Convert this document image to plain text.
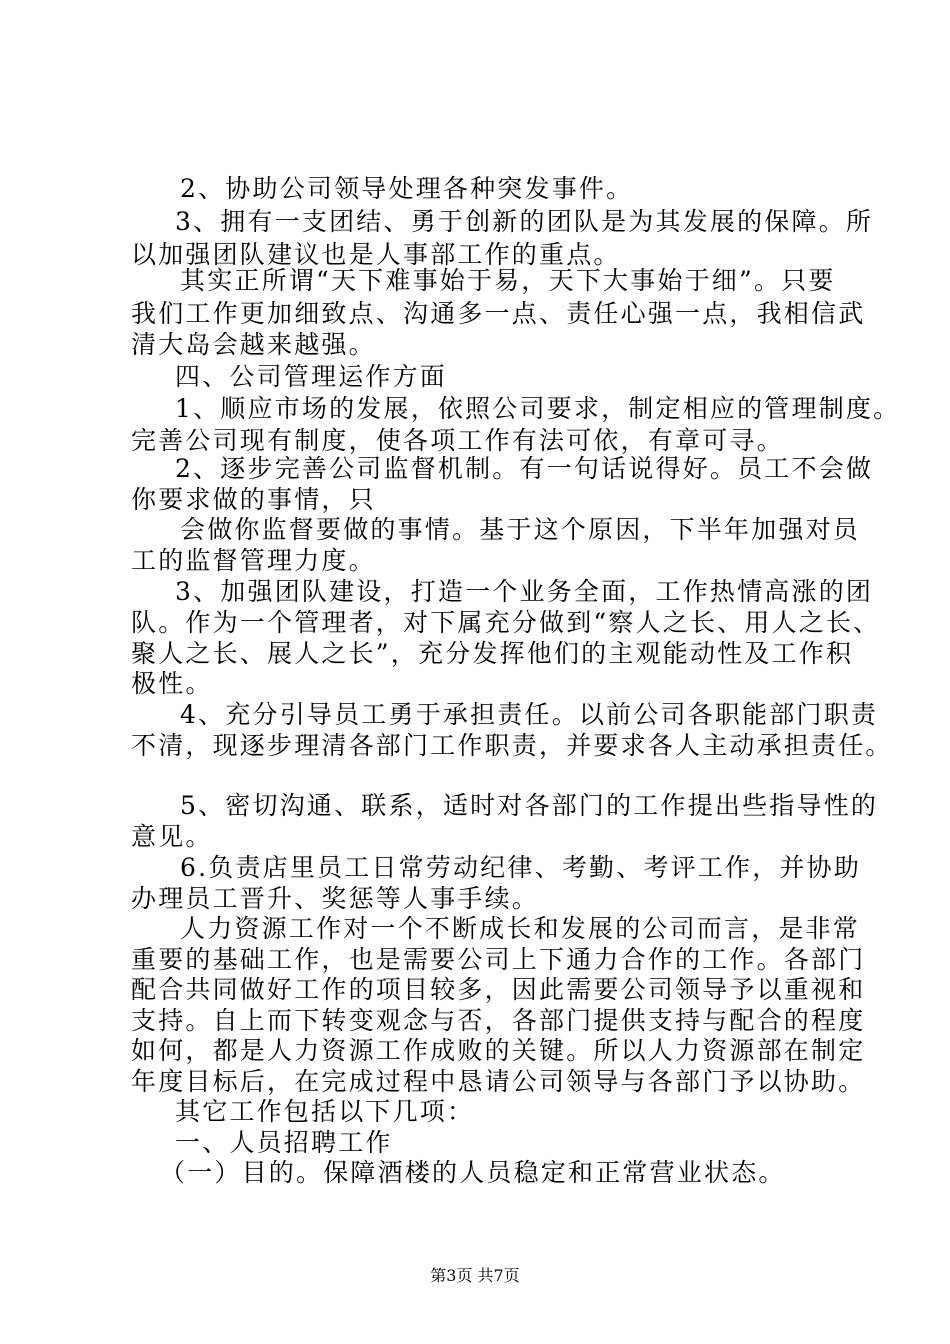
2、协助公司领导处理各种突发事件。
3、拥有一支团结、勇于创新的团队是为其发展的保障。所
以加强团队建议也是人事部工作的重点。
其实正所谓“天下难事始于易，天下大事始于细”。只要
我们工作更加细致点、沟通多一点、责任心强一点，我相信武
清大岛会越来越强。
四、公司管理运作方面
1、顺应市场的发展，依照公司要求，制定相应的管理制度。
完善公司现有制度，使各项工作有法可依，有章可寻。
2、逐步完善公司监督机制。有一句话说得好。员工不会做
你要求做的事情，只
会做你监督要做的事情。基于这个原因，下半年加强对员
工的监督管理力度。
3、加强团队建设，打造一个业务全面，工作热情高涨的团
队。作为一个管理者，对下属充分做到“察人之长、用人之长、
聚人之长、展人之长”，充分发挥他们的主观能动性及工作积
极性。
4、充分引导员工勇于承担责任。以前公司各职能部门职责
不清，现逐步理清各部门工作职责，并要求各人主动承担责任。
5、密切沟通、联系，适时对各部门的工作提出些指导性的
意见。
6.负责店里员工日常劳动纪律、考勤、考评工作，并协助
办理员工晋升、奖惩等人事手续。
人力资源工作对一个不断成长和发展的公司而言，是非常
重要的基础工作，也是需要公司上下通力合作的工作。各部门
配合共同做好工作的项目较多，因此需要公司领导予以重视和
支持。自上而下转变观念与否，各部门提供支持与配合的程度
如何，都是人力资源工作成败的关键。所以人力资源部在制定
年度目标后，在完成过程中恳请公司领导与各部门予以协助。
其它工作包括以下几项：
一、人员招聘工作
（一）目的。保障酒楼的人员稳定和正常营业状态。
第3页 共7页
